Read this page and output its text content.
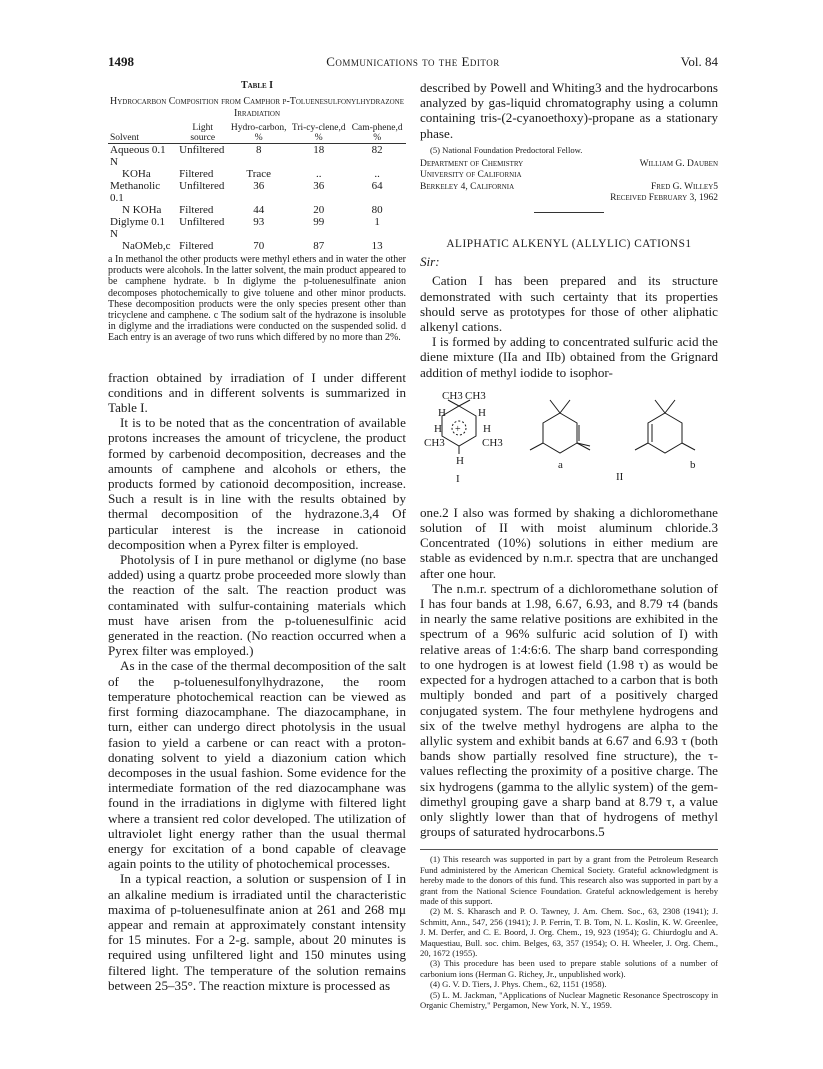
1498	Communications to the Editor	Vol. 84
Table I
Hydrocarbon Composition from Camphor p-Toluenesulfonylhydrazone Irradiation
Solvent	Light source	Hydro-carbon, %	Tri-cy-clene,d %	Cam-phene,d %
Aqueous 0.1 N	Unfiltered	8	18	82
KOHa	Filtered	Trace	..	..
Methanolic 0.1	Unfiltered	36	36	64
N KOHa	Filtered	44	20	80
Diglyme 0.1 N	Unfiltered	93	99	1
NaOMeb,c	Filtered	70	87	13
a In methanol the other products were methyl ethers and in water the other products were alcohols. In the latter solvent, the main product appeared to be camphene hydrate. b In diglyme the p-toluenesulfinate anion decomposes photochemically to give toluene and other minor products. These decomposition products were the only species present other than tricyclene and camphene. c The sodium salt of the hydrazone is insoluble in diglyme and the irradiations were conducted on the suspended solid. d Each entry is an average of two runs which differed by no more than 2%.

fraction obtained by irradiation of I under different conditions and in different solvents is summarized in Table I.

It is to be noted that as the concentration of available protons increases the amount of tricyclene, the product formed by carbenoid decomposition, decreases and the amounts of camphene and alcohols or ethers, the products formed by cationoid decomposition, increase. Such a result is in line with the results obtained by thermal decomposition of the hydrazone.3,4 Of particular interest is the increase in cationoid decomposition when a Pyrex filter is employed.

Photolysis of I in pure methanol or diglyme (no base added) using a quartz probe proceeded more slowly than the reaction of the salt. The reaction product was contaminated with sulfur-containing materials which must have arisen from the p-toluenesulfinic acid generated in the reaction. (No reaction occurred when a Pyrex filter was employed.)

As in the case of the thermal decomposition of the salt of the p-toluenesulfonylhydrazone, the room temperature photochemical reaction can be viewed as first forming diazocamphane. The diazocamphane, in turn, either can undergo direct photolysis in the usual fasion to yield a carbene or can react with a proton-donating solvent to yield a diazonium cation which decomposes in the usual fashion. Some evidence for the intermediate formation of the red diazocamphane was found in the irradiations in diglyme with filtered light where a transient red color developed. The utilization of ultraviolet light energy rather than the usual thermal energy for excitation of a bond capable of cleavage again points to the utility of photochemical processes.

In a typical reaction, a solution or suspension of I in an alkaline medium is irradiated until the characteristic maxima of p-toluenesulfinate anion at 261 and 268 mμ appear and remain at approximately constant intensity for 15 minutes. For a 2-g. sample, about 20 minutes is required using unfiltered light and 150 minutes using filtered light. The temperature of the solution remains between 25–35°. The reaction mixture is processed as

described by Powell and Whiting3 and the hydrocarbons analyzed by gas-liquid chromatography using a column containing tris-(2-cyanoethoxy)-propane as a stationary phase.

(5) National Foundation Predoctoral Fellow.

Department of Chemistry	William G. Dauben
University of California
Berkeley 4, California	Fred G. Willey5
Received February 3, 1962
ALIPHATIC ALKENYL (ALLYLIC) CATIONS1
Sir:

Cation I has been prepared and its structure demonstrated with such certainty that its properties should serve as prototypes for those of other aliphatic alkenyl cations.

I is formed by adding to concentrated sulfuric acid the diene mixture (IIa and IIb) obtained from the Grignard addition of methyl iodide to isophor-

CH3 CH3
H	H
H	H
CH3	CH3
+
H
I
a
II
b

one.2 I also was formed by shaking a dichloromethane solution of II with moist aluminum chloride.3 Concentrated (10%) solutions in either medium are stable as evidenced by n.m.r. spectra that are unchanged after one hour.

The n.m.r. spectrum of a dichloromethane solution of I has four bands at 1.98, 6.67, 6.93, and 8.79 τ4 (bands in nearly the same relative positions are exhibited in the spectrum of a 96% sulfuric acid solution of I) with relative areas of 1:4:6:6. The sharp band corresponding to one hydrogen is at lowest field (1.98 τ) as would be expected for a hydrogen attached to a carbon that is both multiply bonded and part of a positively charged conjugated system. The four methylene hydrogens and six of the twelve methyl hydrogens are alpha to the allylic system and exhibit bands at 6.67 and 6.93 τ (both bands show partially resolved fine structure), the τ-values reflecting the proximity of a positive charge. The six hydrogens (gamma to the allylic system) of the gem-dimethyl grouping gave a sharp band at 8.79 τ, a value only slightly lower than that of hydrogens of methyl groups of saturated hydrocarbons.5

(1) This research was supported in part by a grant from the Petroleum Research Fund administered by the American Chemical Society. Grateful acknowledgment is hereby made to the donors of this fund. This research also was supported in part by a grant from the National Science Foundation. Grateful acknowledgement is hereby made of this support.

(2) M. S. Kharasch and P. O. Tawney, J. Am. Chem. Soc., 63, 2308 (1941); J. Schmitt, Ann., 547, 256 (1941); J. P. Ferrin, T. B. Tom, N. L. Koslin, K. W. Greenlee, J. M. Derfer, and C. E. Boord, J. Org. Chem., 19, 923 (1954); G. Chiurdoglu and A. Maquestiau, Bull. soc. chim. Belges, 63, 357 (1954); O. H. Wheeler, J. Org. Chem., 20, 1672 (1955).

(3) This procedure has been used to prepare stable solutions of a number of carbonium ions (Herman G. Richey, Jr., unpublished work).

(4) G. V. D. Tiers, J. Phys. Chem., 62, 1151 (1958).

(5) L. M. Jackman, "Applications of Nuclear Magnetic Resonance Spectroscopy in Organic Chemistry," Pergamon, New York, N. Y., 1959.
